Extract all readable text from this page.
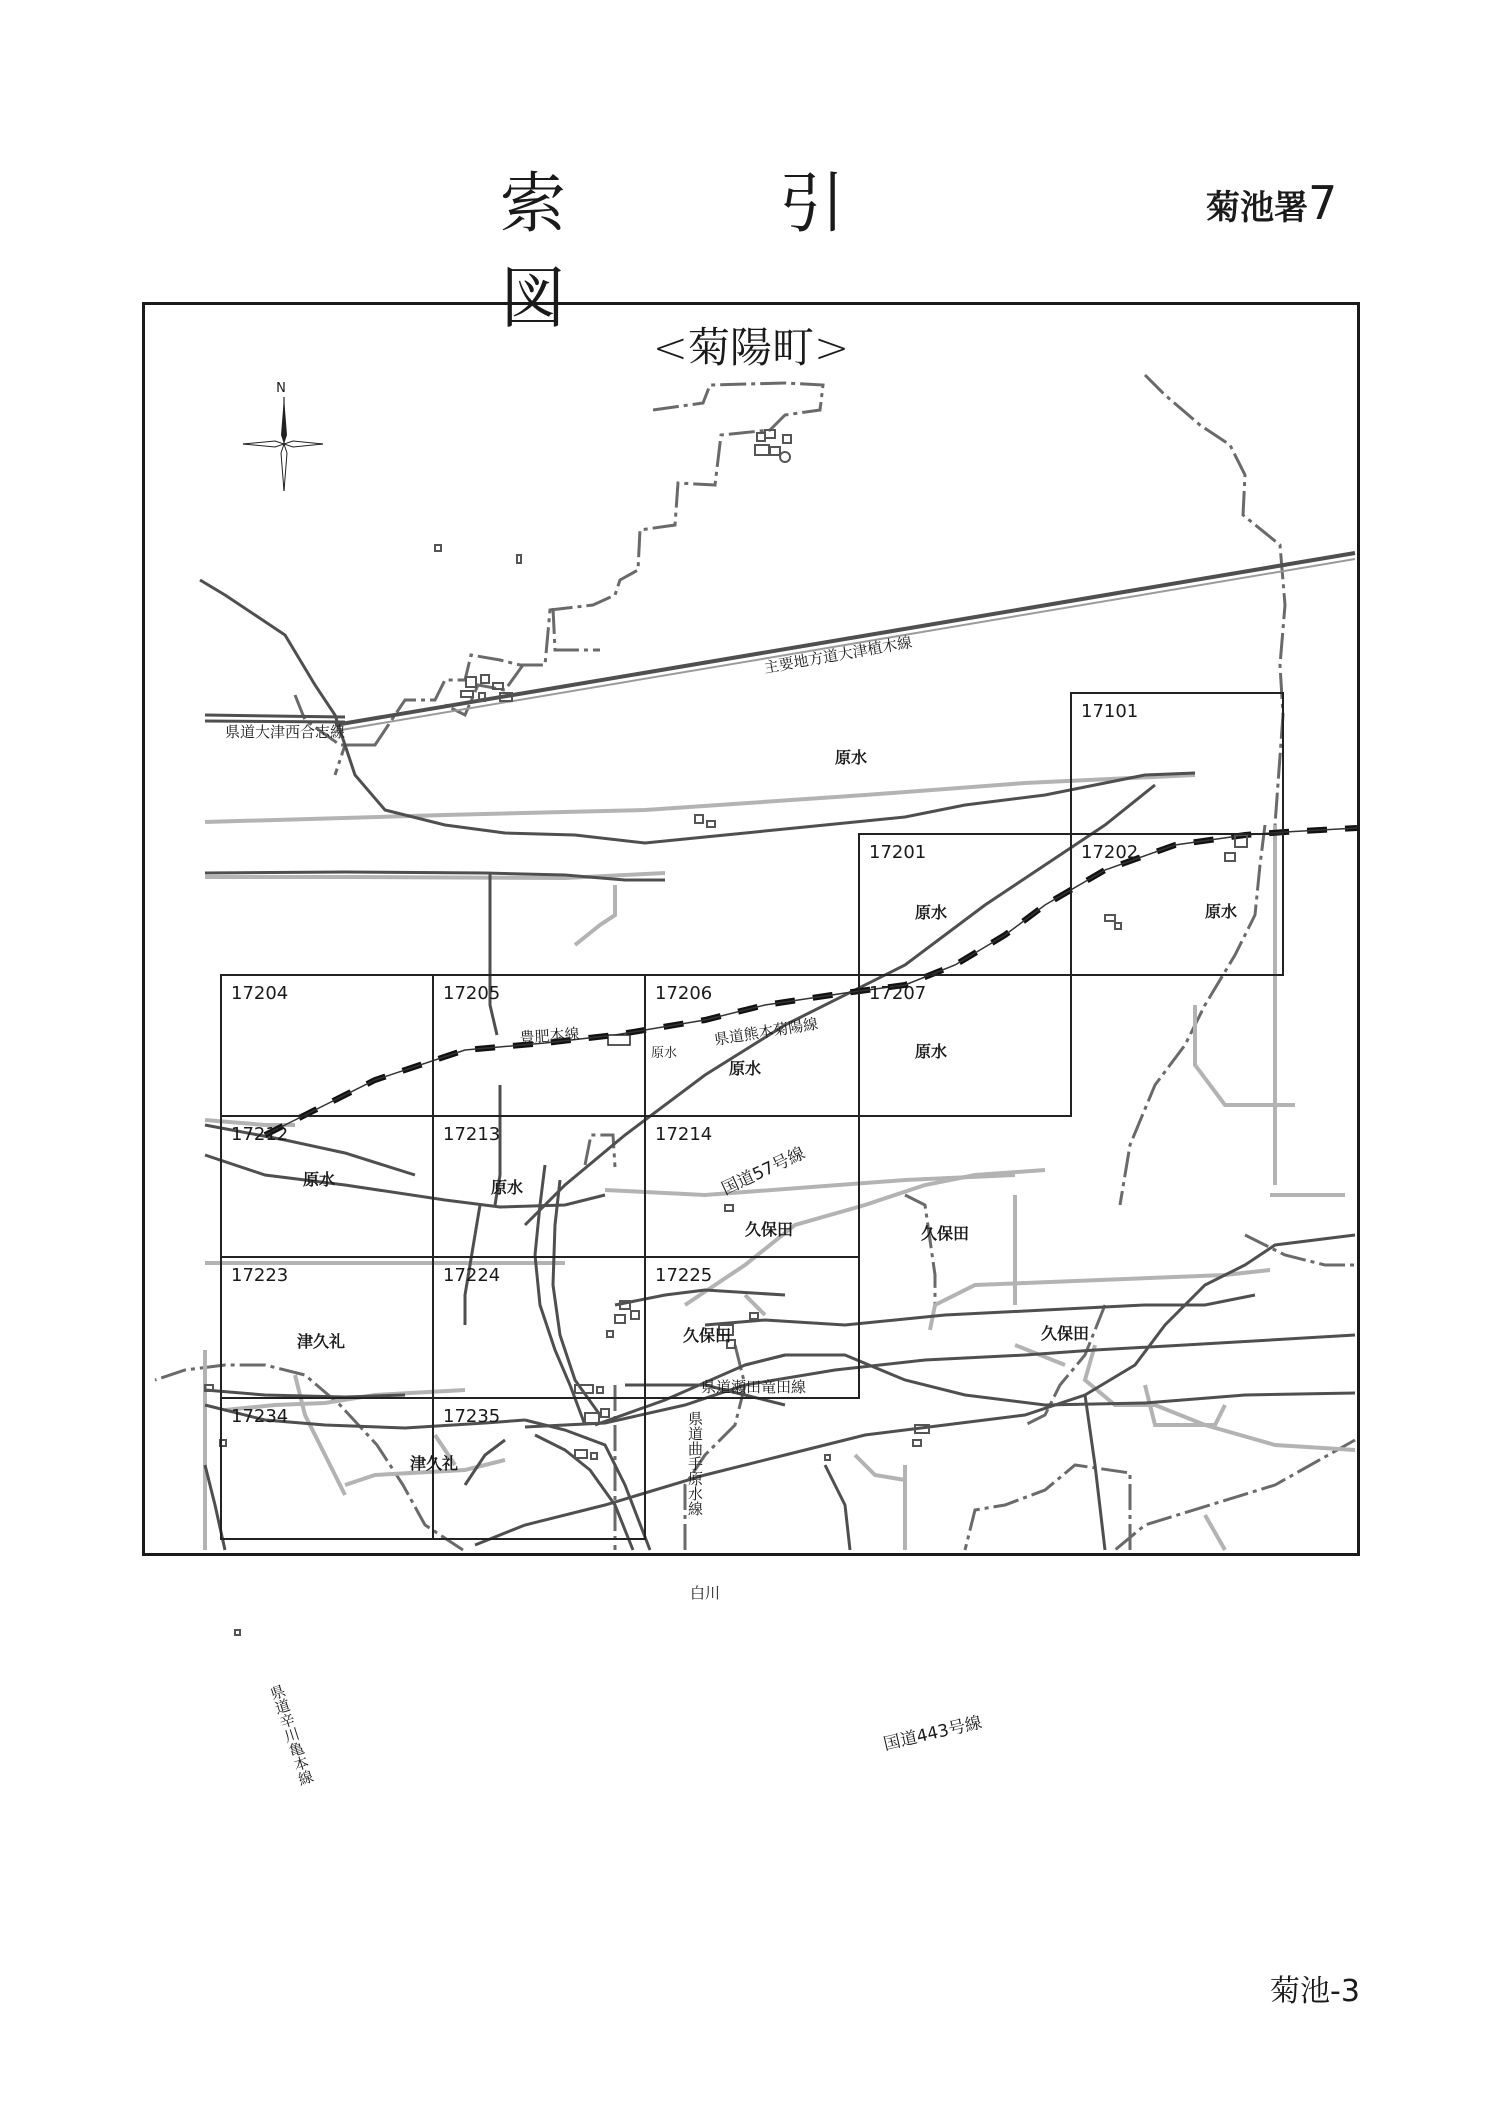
索 引 図
菊池署7
N
17101
17201	17202
17204	17205	17206	17207
17212	17213	17214
17223	17224	17225
17234	17235
主要地方道大津植木線
県道大津西合志線
豊肥本線	県道熊本菊陽線
国道57号線
県道瀬田竜田線
県道曲手原水線
白川
国道443号線
県道辛川亀本線
原水
原水	原水
原水
原水
原水
原水	原水
久保田	久保田
久保田
久保田
津久礼
津久礼
<菊陽町>
菊池-3
